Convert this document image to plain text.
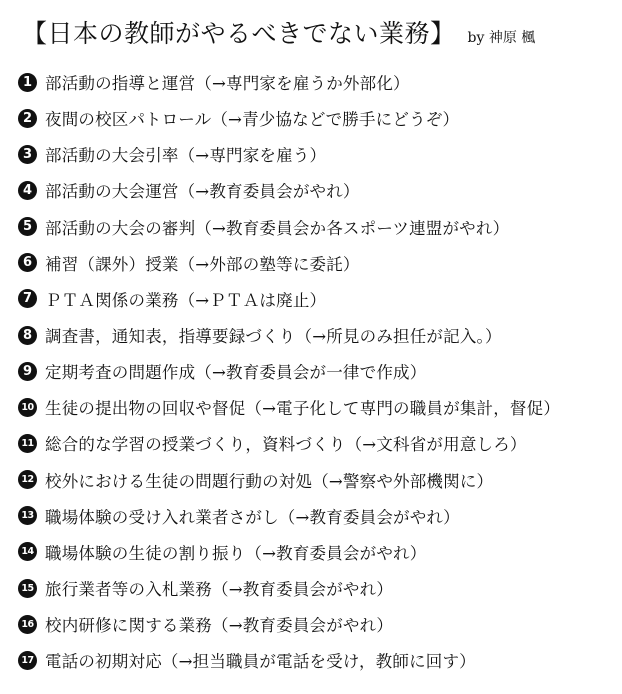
【日本の教師がやるべきでない業務】 by 神原 楓
1 部活動の指導と運営（→専門家を雇うか外部化）
2 夜間の校区パトロール（→青少協などで勝手にどうぞ）
3 部活動の大会引率（→専門家を雇う）
4 部活動の大会運営（→教育委員会がやれ）
5 部活動の大会の審判（→教育委員会か各スポーツ連盟がやれ）
6 補習（課外）授業（→外部の塾等に委託）
7 ＰＴＡ関係の業務（→ＰＴＡは廃止）
8 調査書，通知表，指導要録づくり（→所見のみ担任が記入。）
9 定期考査の問題作成（→教育委員会が一律で作成）
10 生徒の提出物の回収や督促（→電子化して専門の職員が集計，督促）
11 総合的な学習の授業づくり，資料づくり（→文科省が用意しろ）
12 校外における生徒の問題行動の対処（→警察や外部機関に）
13 職場体験の受け入れ業者さがし（→教育委員会がやれ）
14 職場体験の生徒の割り振り（→教育委員会がやれ）
15 旅行業者等の入札業務（→教育委員会がやれ）
16 校内研修に関する業務（→教育委員会がやれ）
17 電話の初期対応（→担当職員が電話を受け，教師に回す）
